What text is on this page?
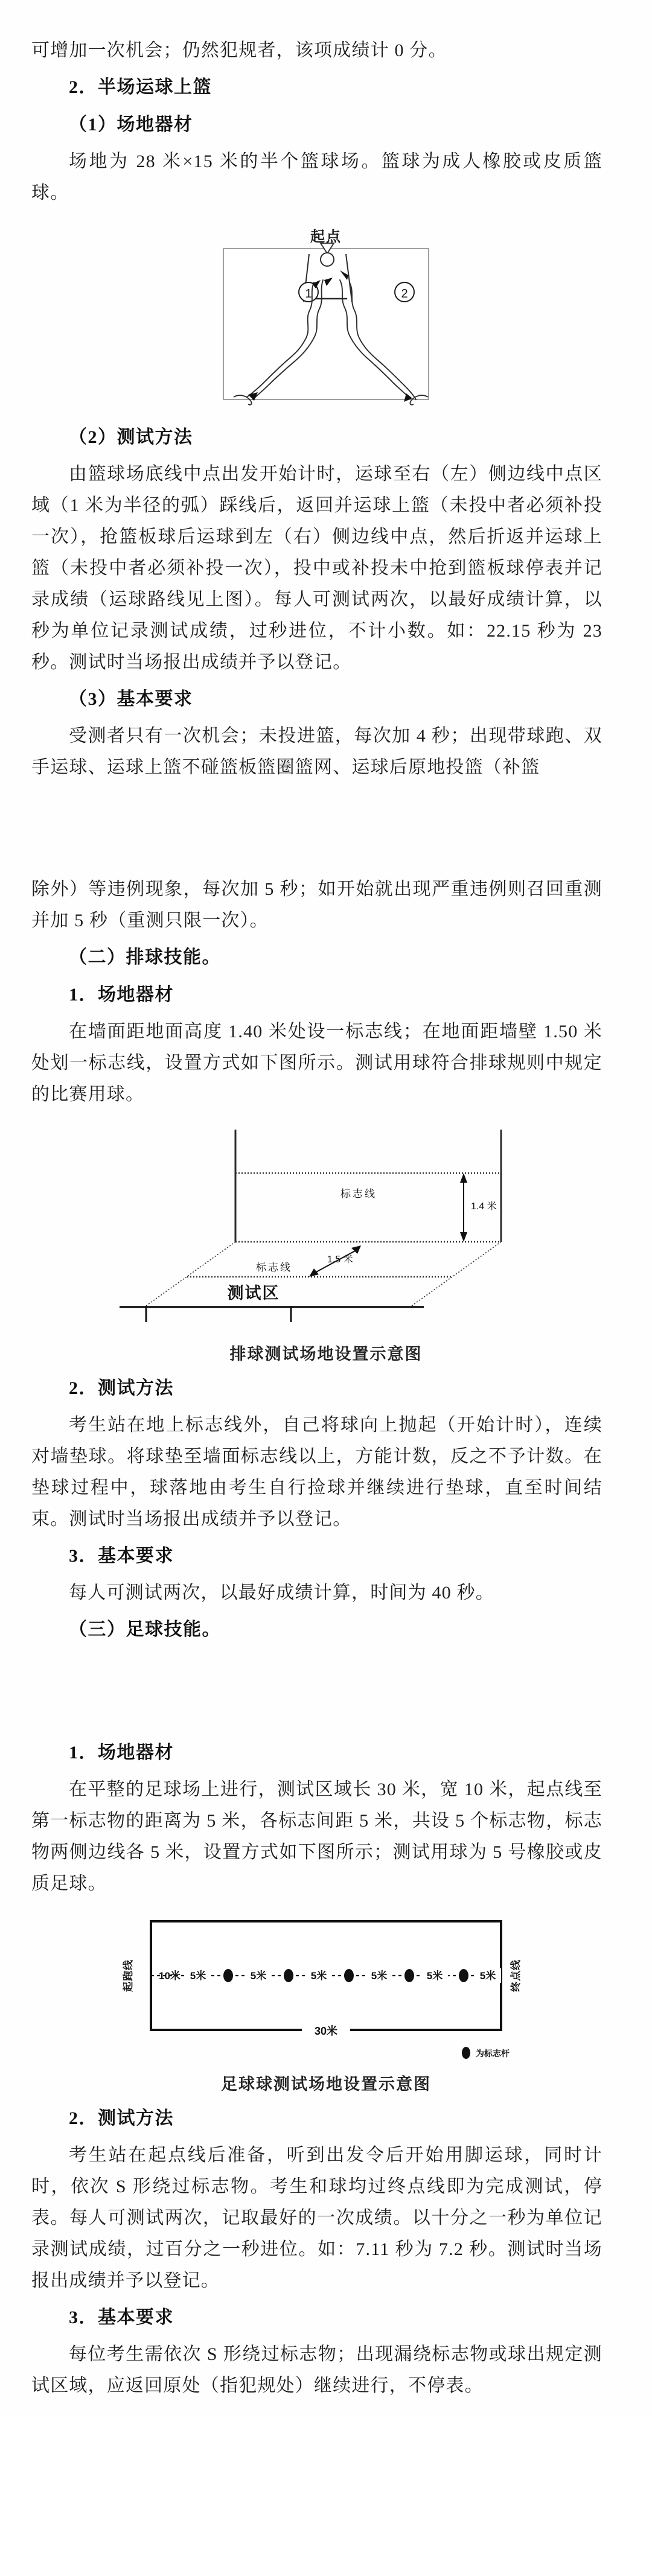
可增加一次机会；仍然犯规者，该项成绩计 0 分。

2．半场运球上篮

（1）场地器材

场地为 28 米×15 米的半个篮球场。篮球为成人橡胶或皮质篮球。

起点
1	2

（2）测试方法

由篮球场底线中点出发开始计时，运球至右（左）侧边线中点区域（1 米为半径的弧）踩线后，返回并运球上篮（未投中者必须补投一次），抢篮板球后运球到左（右）侧边线中点，然后折返并运球上篮（未投中者必须补投一次），投中或补投未中抢到篮板球停表并记录成绩（运球路线见上图）。每人可测试两次，以最好成绩计算，以秒为单位记录测试成绩，过秒进位，不计小数。如：22.15 秒为 23 秒。测试时当场报出成绩并予以登记。

（3）基本要求

受测者只有一次机会；未投进篮，每次加 4 秒；出现带球跑、双手运球、运球上篮不碰篮板篮圈篮网、运球后原地投篮（补篮

除外）等违例现象，每次加 5 秒；如开始就出现严重违例则召回重测并加 5 秒（重测只限一次）。

（二）排球技能。

1．场地器材

在墙面距地面高度 1.40 米处设一标志线；在地面距墙壁 1.50 米处划一标志线，设置方式如下图所示。测试用球符合排球规则中规定的比赛用球。

1.4 米
1.5 米
标志线
标志线
测试区

排球测试场地设置示意图

2．测试方法

考生站在地上标志线外，自己将球向上抛起（开始计时），连续对墙垫球。将球垫至墙面标志线以上，方能计数，反之不予计数。在垫球过程中，球落地由考生自行捡球并继续进行垫球，直至时间结束。测试时当场报出成绩并予以登记。

3．基本要求

每人可测试两次，以最好成绩计算，时间为 40 秒。

（三）足球技能。

1．场地器材

在平整的足球场上进行，测试区域长 30 米，宽 10 米，起点线至第一标志物的距离为 5 米，各标志间距 5 米，共设 5 个标志物，标志物两侧边线各 5 米，设置方式如下图所示；测试用球为 5 号橡胶或皮质足球。

起跑线	终点线
10米 5米	5米	5米	5米	5米	5米
30米
为标志杆

足球球测试场地设置示意图

2．测试方法

考生站在起点线后准备，听到出发令后开始用脚运球，同时计时，依次 S 形绕过标志物。考生和球均过终点线即为完成测试，停表。每人可测试两次，记取最好的一次成绩。以十分之一秒为单位记录测试成绩，过百分之一秒进位。如：7.11 秒为 7.2 秒。测试时当场报出成绩并予以登记。

3．基本要求

每位考生需依次 S 形绕过标志物；出现漏绕标志物或球出规定测试区域，应返回原处（指犯规处）继续进行，不停表。
